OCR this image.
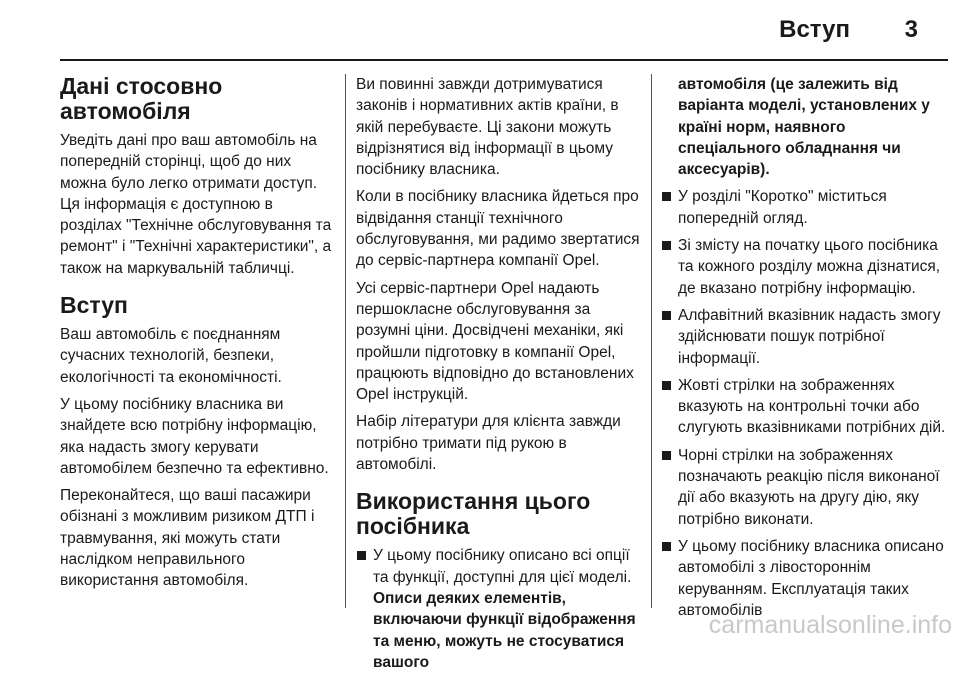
Вступ 3
Дані стосовно автомобіля

Уведіть дані про ваш автомобіль на попередній сторінці, щоб до них можна було легко отримати доступ. Ця інформація є доступною в розділах "Технічне обслуговування та ремонт" і "Технічні характеристики", а також на маркувальній табличці.

Вступ

Ваш автомобіль є поєднанням сучасних технологій, безпеки, екологічності та економічності.

У цьому посібнику власника ви знайдете всю потрібну інформацію, яка надасть змогу керувати автомобілем безпечно та ефективно.

Переконайтеся, що ваші пасажири обізнані з можливим ризиком ДТП і травмування, які можуть стати наслідком неправильного використання автомобіля.

Ви повинні завжди дотримуватися законів і нормативних актів країни, в якій перебуваєте. Ці закони можуть відрізнятися від інформації в цьому посібнику власника.

Коли в посібнику власника йдеться про відвідання станції технічного обслуговування, ми радимо звертатися до сервіс-партнера компанії Opel.

Усі сервіс-партнери Opel надають першокласне обслуговування за розумні ціни. Досвідчені механіки, які пройшли підготовку в компанії Opel, працюють відповідно до встановлених Opel інструкцій.

Набір літератури для клієнта завжди потрібно тримати під рукою в автомобілі.

Використання цього посібника
У цьому посібнику описано всі опції та функції, доступні для цієї моделі. Описи деяких елементів, включаючи функції відображення та меню, можуть не стосуватися вашого

автомобіля (це залежить від варіанта моделі, установлених у країні норм, наявного спеціального обладнання чи аксесуарів).

У розділі "Коротко" міститься попередній огляд.
Зі змісту на початку цього посібника та кожного розділу можна дізнатися, де вказано потрібну інформацію.
Алфавітний вказівник надасть змогу здійснювати пошук потрібної інформації.
Жовті стрілки на зображеннях вказують на контрольні точки або слугують вказівниками потрібних дій.
Чорні стрілки на зображеннях позначають реакцію після виконаної дії або вказують на другу дію, яку потрібно виконати.
У цьому посібнику власника описано автомобілі з лівостороннім керуванням. Експлуатація таких автомобілів
carmanualsonline.info
